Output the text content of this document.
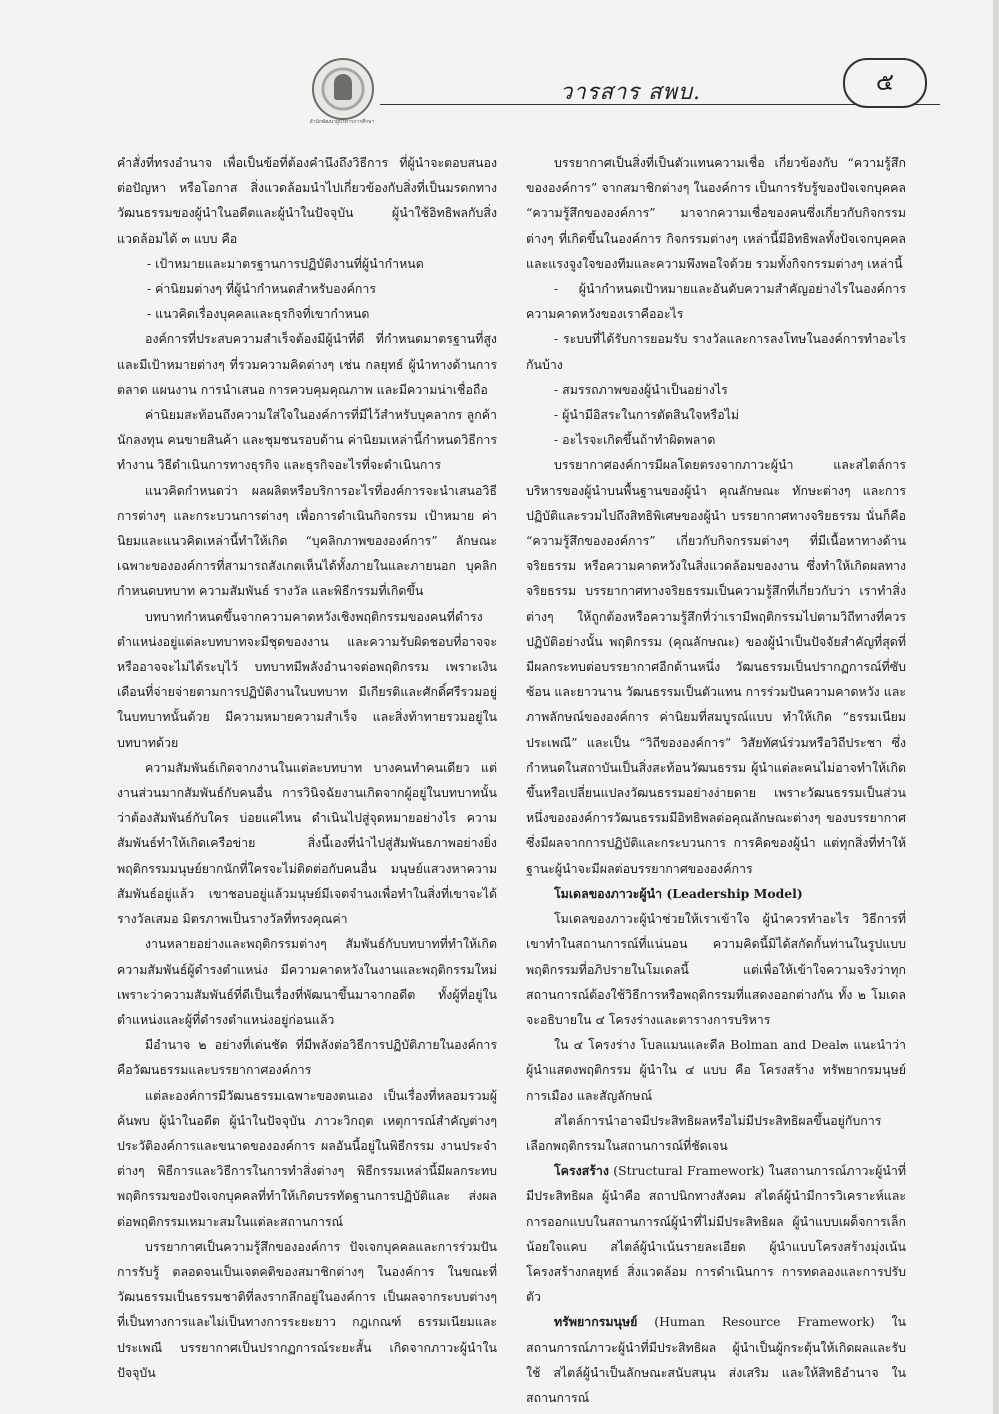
สำนักพัฒนาผู้บริหารการศึกษา
วารสาร สพบ.	๕

คำสั่งที่ทรงอำนาจ เพื่อเป็นข้อที่ต้องคำนึงถึงวิธีการ ที่ผู้นำจะตอบสนองต่อปัญหา หรือโอกาส สิ่งแวดล้อมนำไปเกี่ยวข้องกับสิ่งที่เป็นมรดกทางวัฒนธรรมของผู้นำในอดีตและผู้นำในปัจจุบัน ผู้นำใช้อิทธิพลกับสิ่งแวดล้อมได้ ๓ แบบ คือ

- เป้าหมายและมาตรฐานการปฏิบัติงานที่ผู้นำกำหนด

- ค่านิยมต่างๆ ที่ผู้นำกำหนดสำหรับองค์การ

- แนวคิดเรื่องบุคคลและธุรกิจที่เขากำหนด

องค์การที่ประสบความสำเร็จต้องมีผู้นำที่ดี ที่กำหนดมาตรฐานที่สูง และมีเป้าหมายต่างๆ ที่รวมความคิดต่างๆ เช่น กลยุทธ์ ผู้นำทางด้านการตลาด แผนงาน การนำเสนอ การควบคุมคุณภาพ และมีความน่าเชื่อถือ

ค่านิยมสะท้อนถึงความใส่ใจในองค์การที่มีไว้สำหรับบุคลากร ลูกค้า นักลงทุน คนขายสินค้า และชุมชนรอบด้าน ค่านิยมเหล่านี้กำหนดวิธีการทำงาน วิธีดำเนินการทางธุรกิจ และธุรกิจอะไรที่จะดำเนินการ

แนวคิดกำหนดว่า ผลผลิตหรือบริการอะไรที่องค์การจะนำเสนอวิธีการต่างๆ และกระบวนการต่างๆ เพื่อการดำเนินกิจกรรม เป้าหมาย ค่านิยมและแนวคิดเหล่านี้ทำให้เกิด “บุคลิกภาพขององค์การ” ลักษณะเฉพาะขององค์การที่สามารถสังเกตเห็นได้ทั้งภายในและภายนอก บุคลิกกำหนดบทบาท ความสัมพันธ์ รางวัล และพิธีกรรมที่เกิดขึ้น

บทบาทกำหนดขึ้นจากความคาดหวังเชิงพฤติกรรมของคนที่ดำรงตำแหน่งอยู่แต่ละบทบาทจะมีชุดของงาน และความรับผิดชอบที่อาจจะหรืออาจจะไม่ได้ระบุไว้ บทบาทมีพลังอำนาจต่อพฤติกรรม เพราะเงินเดือนที่จ่ายจ่ายตามการปฏิบัติงานในบทบาท มีเกียรติและศักดิ์ศรีรวมอยู่ในบทบาทนั้นด้วย มีความหมายความสำเร็จ และสิ่งท้าทายรวมอยู่ในบทบาทด้วย

ความสัมพันธ์เกิดจากงานในแต่ละบทบาท บางคนทำคนเดียว แต่งานส่วนมากสัมพันธ์กับคนอื่น การวินิจฉัยงานเกิดจากผู้อยู่ในบทบาทนั้นว่าต้องสัมพันธ์กับใคร บ่อยแค่ไหน ดำเนินไปสู่จุดหมายอย่างไร ความสัมพันธ์ทำให้เกิดเครือข่าย สิ่งนี้เองที่นำไปสู่สัมพันธภาพอย่างยิ่ง พฤติกรรมมนุษย์ยากนักที่ใครจะไม่ติดต่อกับคนอื่น มนุษย์แสวงหาความสัมพันธ์อยู่แล้ว เขาชอบอยู่แล้วมนุษย์มีเจตจำนงเพื่อทำในสิ่งที่เขาจะได้รางวัลเสมอ มิตรภาพเป็นรางวัลที่ทรงคุณค่า

งานหลายอย่างและพฤติกรรมต่างๆ สัมพันธ์กับบทบาทที่ทำให้เกิดความสัมพันธ์ผู้ดำรงตำแหน่ง มีความคาดหวังในงานและพฤติกรรมใหม่ เพราะว่าความสัมพันธ์ที่ดีเป็นเรื่องที่พัฒนาขึ้นมาจากอดีต ทั้งผู้ที่อยู่ในตำแหน่งและผู้ที่ดำรงตำแหน่งอยู่ก่อนแล้ว

มีอำนาจ ๒ อย่างที่เด่นชัด ที่มีพลังต่อวิธีการปฏิบัติภายในองค์การ คือวัฒนธรรมและบรรยากาศองค์การ

แต่ละองค์การมีวัฒนธรรมเฉพาะของตนเอง เป็นเรื่องที่หลอมรวมผู้ค้นพบ ผู้นำในอดีต ผู้นำในปัจจุบัน ภาวะวิกฤต เหตุการณ์สำคัญต่างๆ ประวัติองค์การและขนาดขององค์การ ผลอันนี้อยู่ในพิธีกรรม งานประจำต่างๆ พิธีการและวิธีการในการทำสิ่งต่างๆ พิธีกรรมเหล่านี้มีผลกระทบพฤติกรรมของปัจเจกบุคคลที่ทำให้เกิดบรรทัดฐานการปฏิบัติและ ส่งผลต่อพฤติกรรมเหมาะสมในแต่ละสถานการณ์

บรรยากาศเป็นความรู้สึกขององค์การ ปัจเจกบุคคลและการร่วมปันการรับรู้ ตลอดจนเป็นเจตคติของสมาชิกต่างๆ ในองค์การ ในขณะที่วัฒนธรรมเป็นธรรมชาติที่ลงรากลึกอยู่ในองค์การ เป็นผลจากระบบต่างๆ ที่เป็นทางการและไม่เป็นทางการระยะยาว กฎเกณฑ์ ธรรมเนียมและประเพณี บรรยากาศเป็นปรากฏการณ์ระยะสั้น เกิดจากภาวะผู้นำในปัจจุบัน

บรรยากาศเป็นสิ่งที่เป็นตัวแทนความเชื่อ เกี่ยวข้องกับ “ความรู้สึกขององค์การ” จากสมาชิกต่างๆ ในองค์การ เป็นการรับรู้ของปัจเจกบุคคล “ความรู้สึกขององค์การ” มาจากความเชื่อของคนซึ่งเกี่ยวกับกิจกรรมต่างๆ ที่เกิดขึ้นในองค์การ กิจกรรมต่างๆ เหล่านี้มีอิทธิพลทั้งปัจเจกบุคคล และแรงจูงใจของทีมและความพึงพอใจด้วย รวมทั้งกิจกรรมต่างๆ เหล่านี้

- ผู้นำกำหนดเป้าหมายและอันดับความสำคัญอย่างไรในองค์การ ความคาดหวังของเราคืออะไร

- ระบบที่ได้รับการยอมรับ รางวัลและการลงโทษในองค์การทำอะไรกันบ้าง

- สมรรถภาพของผู้นำเป็นอย่างไร

- ผู้นำมีอิสระในการตัดสินใจหรือไม่

- อะไรจะเกิดขึ้นถ้าทำผิดพลาด

บรรยากาศองค์การมีผลโดยตรงจากภาวะผู้นำ และสไตล์การบริหารของผู้นำบนพื้นฐานของผู้นำ คุณลักษณะ ทักษะต่างๆ และการปฏิบัติและรวมไปถึงสิทธิพิเศษของผู้นำ บรรยากาศทางจริยธรรม นั่นก็คือ “ความรู้สึกขององค์การ” เกี่ยวกับกิจกรรมต่างๆ ที่มีเนื้อหาทางด้านจริยธรรม หรือความคาดหวังในสิ่งแวดล้อมของงาน ซึ่งทำให้เกิดผลทางจริยธรรม บรรยากาศทางจริยธรรมเป็นความรู้สึกที่เกี่ยวกับว่า เราทำสิ่งต่างๆ ให้ถูกต้องหรือความรู้สึกที่ว่าเรามีพฤติกรรมไปตามวิถีทางที่ควรปฏิบัติอย่างนั้น พฤติกรรม (คุณลักษณะ) ของผู้นำเป็นปัจจัยสำคัญที่สุดที่มีผลกระทบต่อบรรยากาศอีกด้านหนึ่ง วัฒนธรรมเป็นปรากฏการณ์ที่ซับซ้อน และยาวนาน วัฒนธรรมเป็นตัวแทน การร่วมปันความคาดหวัง และภาพลักษณ์ขององค์การ ค่านิยมที่สมบูรณ์แบบ ทำให้เกิด “ธรรมเนียมประเพณี” และเป็น “วิถีขององค์การ” วิสัยทัศน์ร่วมหรือวิถีประชา ซึ่งกำหนดในสถาบันเป็นสิ่งสะท้อนวัฒนธรรม ผู้นำแต่ละคนไม่อาจทำให้เกิดขึ้นหรือเปลี่ยนแปลงวัฒนธรรมอย่างง่ายดาย เพราะวัฒนธรรมเป็นส่วนหนึ่งขององค์การวัฒนธรรมมีอิทธิพลต่อคุณลักษณะต่างๆ ของบรรยากาศ ซึ่งมีผลจากการปฏิบัติและกระบวนการ การคิดของผู้นำ แต่ทุกสิ่งที่ทำให้ฐานะผู้นำจะมีผลต่อบรรยากาศขององค์การ

โมเดลของภาวะผู้นำ (Leadership Model)

โมเดลของภาวะผู้นำช่วยให้เราเข้าใจ ผู้นำควรทำอะไร วิธีการที่เขาทำในสถานการณ์ที่แน่นอน ความคิดนี้มิได้สกัดกั้นท่านในรูปแบบพฤติกรรมที่อภิปรายในโมเดลนี้ แต่เพื่อให้เข้าใจความจริงว่าทุกสถานการณ์ต้องใช้วิธีการหรือพฤติกรรมที่แสดงออกต่างกัน ทั้ง ๒ โมเดล จะอธิบายใน ๔ โครงร่างและตารางการบริหาร

ใน ๔ โครงร่าง โบลแมนและดีล Bolman and Deal๓ แนะนำว่าผู้นำแสดงพฤติกรรม ผู้นำใน ๔ แบบ คือ โครงสร้าง ทรัพยากรมนุษย์ การเมือง และสัญลักษณ์

สไตล์การนำอาจมีประสิทธิผลหรือไม่มีประสิทธิผลขึ้นอยู่กับการเลือกพฤติกรรมในสถานการณ์ที่ชัดเจน

โครงสร้าง (Structural Framework) ในสถานการณ์ภาวะผู้นำที่มีประสิทธิผล ผู้นำคือ สถาปนิกทางสังคม สไตล์ผู้นำมีการวิเคราะห์และการออกแบบในสถานการณ์ผู้นำที่ไม่มีประสิทธิผล ผู้นำแบบเผด็จการเล็กน้อยใจแคบ สไตล์ผู้นำเน้นรายละเอียด ผู้นำแบบโครงสร้างมุ่งเน้นโครงสร้างกลยุทธ์ สิ่งแวดล้อม การดำเนินการ การทดลองและการปรับตัว

ทรัพยากรมนุษย์ (Human Resource Framework) ในสถานการณ์ภาวะผู้นำที่มีประสิทธิผล ผู้นำเป็นผู้กระตุ้นให้เกิดผลและรับใช้ สไตล์ผู้นำเป็นลักษณะสนับสนุน ส่งเสริม และให้สิทธิอำนาจ ในสถานการณ์
